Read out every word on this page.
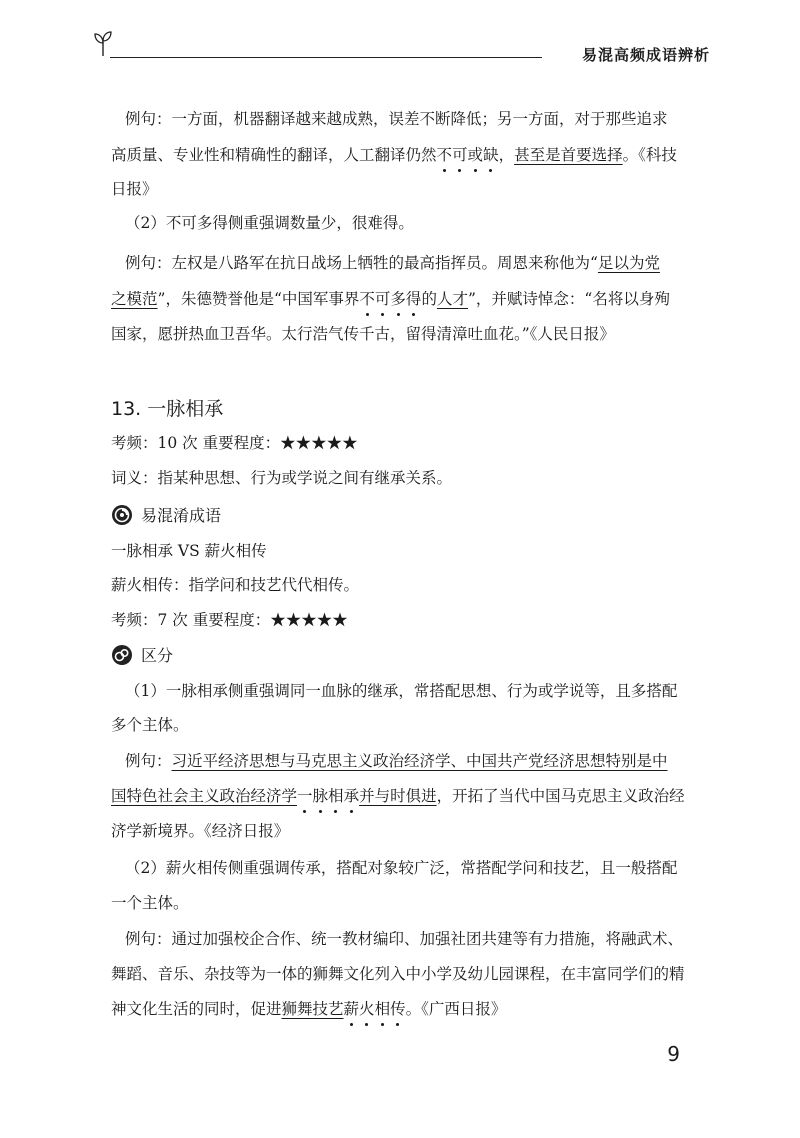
易混高频成语辨析
例句：一方面，机器翻译越来越成熟，误差不断降低；另一方面，对于那些追求
高质量、专业性和精确性的翻译，人工翻译仍然不可或缺，甚至是首要选择。《科技
日报》
（2）不可多得侧重强调数量少，很难得。
例句：左权是八路军在抗日战场上牺牲的最高指挥员。周恩来称他为“足以为党
之模范”，朱德赞誉他是“中国军事界不可多得的人才”，并赋诗悼念：“名将以身殉
国家，愿拼热血卫吾华。太行浩气传千古，留得清漳吐血花。”《人民日报》
13. 一脉相承
考频：10 次 重要程度：★★★★★
词义：指某种思想、行为或学说之间有继承关系。
易混淆成语
一脉相承 VS 薪火相传
薪火相传：指学问和技艺代代相传。
考频：7 次 重要程度：★★★★★
区分
（1）一脉相承侧重强调同一血脉的继承，常搭配思想、行为或学说等，且多搭配
多个主体。
例句：习近平经济思想与马克思主义政治经济学、中国共产党经济思想特别是中
国特色社会主义政治经济学一脉相承并与时俱进，开拓了当代中国马克思主义政治经
济学新境界。《经济日报》
（2）薪火相传侧重强调传承，搭配对象较广泛，常搭配学问和技艺，且一般搭配
一个主体。
例句：通过加强校企合作、统一教材编印、加强社团共建等有力措施，将融武术、
舞蹈、音乐、杂技等为一体的狮舞文化列入中小学及幼儿园课程，在丰富同学们的精
神文化生活的同时，促进狮舞技艺薪火相传。《广西日报》
9
